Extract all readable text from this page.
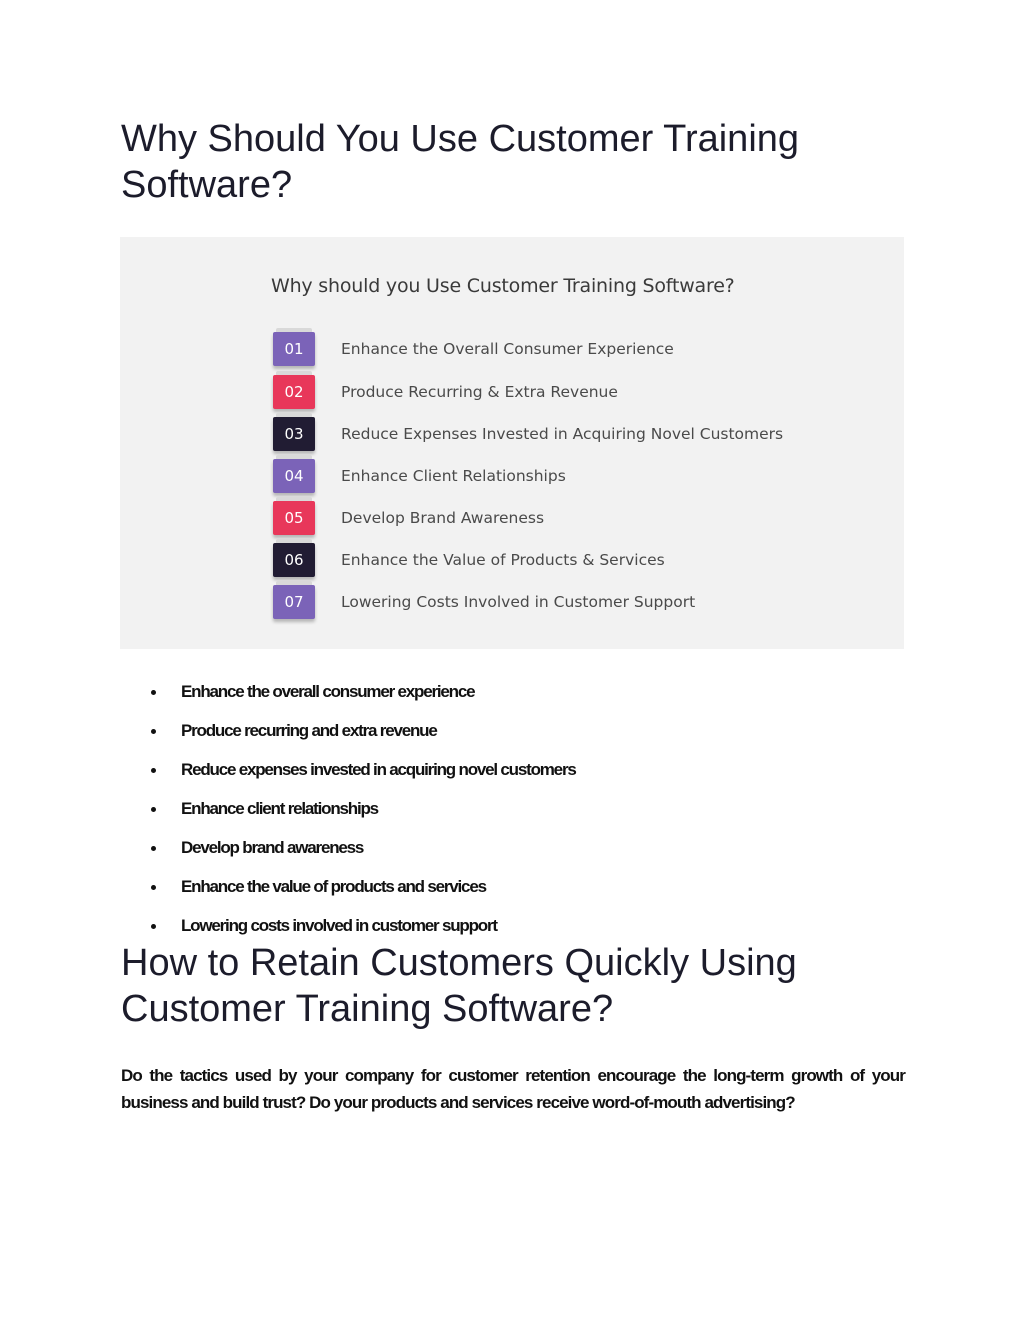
Why Should You Use Customer Training Software?
Why should you Use Customer Training Software?
01	Enhance the Overall Consumer Experience
02	Produce Recurring & Extra Revenue
03	Reduce Expenses Invested in Acquiring Novel Customers
04	Enhance Client Relationships
05	Develop Brand Awareness
06	Enhance the Value of Products & Services
07	Lowering Costs Involved in Customer Support
Enhance the overall consumer experience
Produce recurring and extra revenue
Reduce expenses invested in acquiring novel customers
Enhance client relationships
Develop brand awareness
Enhance the value of products and services
Lowering costs involved in customer support
How to Retain Customers Quickly Using Customer Training Software?

Do the tactics used by your company for customer retention encourage the long-term growth of your business and build trust? Do your products and services receive word-of-mouth advertising?
